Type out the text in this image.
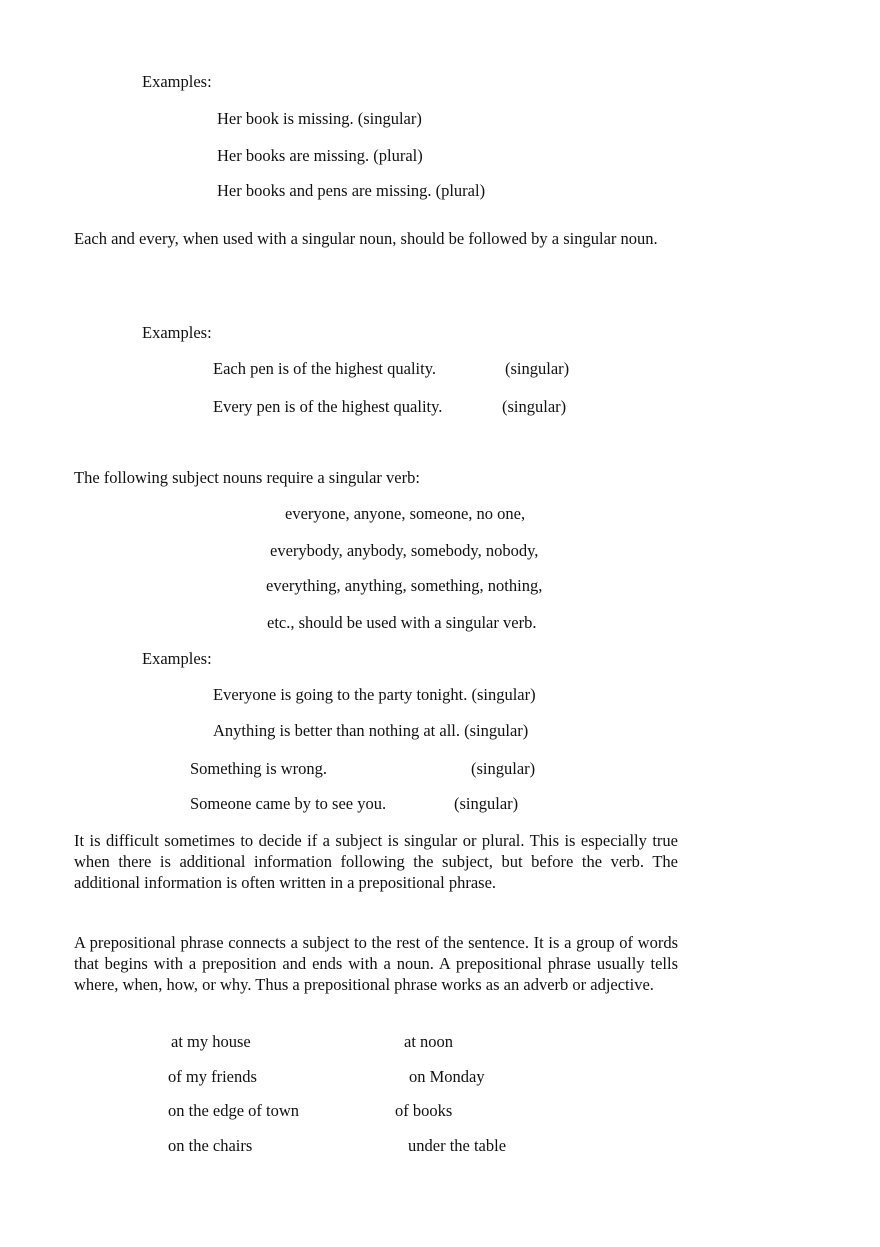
Examples:
Her book is missing. (singular)
Her books are missing. (plural)
Her books and pens are missing. (plural)
Each and every, when used with a singular noun, should be followed by a singular noun.
Examples:
Each pen is of the highest quality.	(singular)
Every pen is of the highest quality.	(singular)
The following subject nouns require a singular verb:
everyone, anyone, someone, no one,
everybody, anybody, somebody, nobody,
everything, anything, something, nothing,
etc., should be used with a singular verb.
Examples:
Everyone is going to the party tonight. (singular)
Anything is better than nothing at all. (singular)
Something is wrong.	(singular)
Someone came by to see you.	(singular)
It is difficult sometimes to decide if a subject is singular or plural. This is especially true when there is additional information following the subject, but before the verb. The additional information is often written in a prepositional phrase.
A prepositional phrase connects a subject to the rest of the sentence. It is a group of words that begins with a preposition and ends with a noun. A prepositional phrase usually tells where, when, how, or why. Thus a prepositional phrase works as an adverb or adjective.
at my house	at noon
of my friends	on Monday
on the edge of town	of books
on the chairs	under the table
